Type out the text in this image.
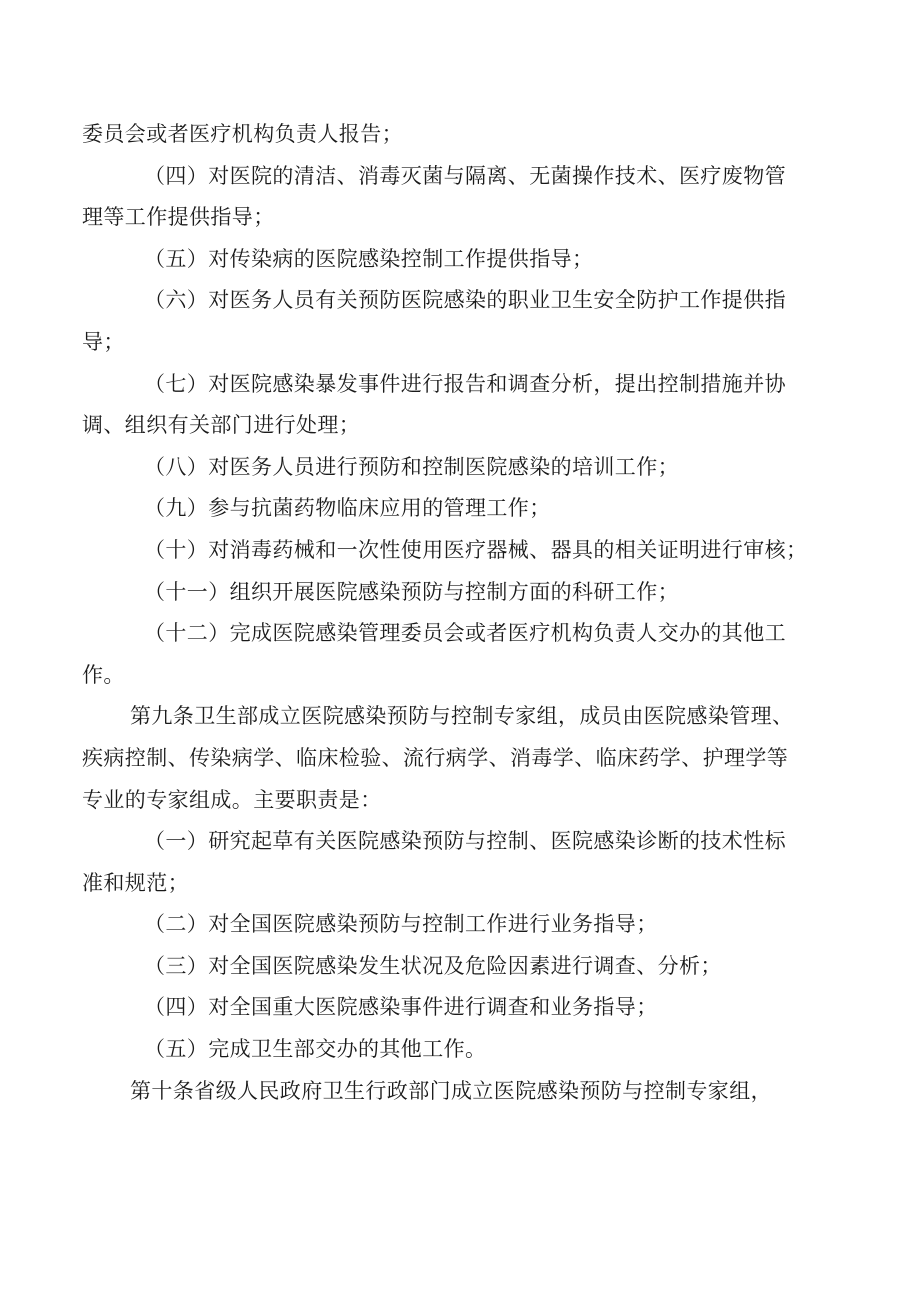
委员会或者医疗机构负责人报告；
（四）对医院的清洁、消毒灭菌与隔离、无菌操作技术、医疗废物管
理等工作提供指导；
（五）对传染病的医院感染控制工作提供指导；
（六）对医务人员有关预防医院感染的职业卫生安全防护工作提供指
导；
（七）对医院感染暴发事件进行报告和调查分析，提出控制措施并协
调、组织有关部门进行处理；
（八）对医务人员进行预防和控制医院感染的培训工作；
（九）参与抗菌药物临床应用的管理工作；
（十）对消毒药械和一次性使用医疗器械、器具的相关证明进行审核；
（十一）组织开展医院感染预防与控制方面的科研工作；
（十二）完成医院感染管理委员会或者医疗机构负责人交办的其他工
作。
第九条卫生部成立医院感染预防与控制专家组，成员由医院感染管理、
疾病控制、传染病学、临床检验、流行病学、消毒学、临床药学、护理学等
专业的专家组成。主要职责是：
（一）研究起草有关医院感染预防与控制、医院感染诊断的技术性标
准和规范；
（二）对全国医院感染预防与控制工作进行业务指导；
（三）对全国医院感染发生状况及危险因素进行调查、分析；
（四）对全国重大医院感染事件进行调查和业务指导；
（五）完成卫生部交办的其他工作。
第十条省级人民政府卫生行政部门成立医院感染预防与控制专家组，
